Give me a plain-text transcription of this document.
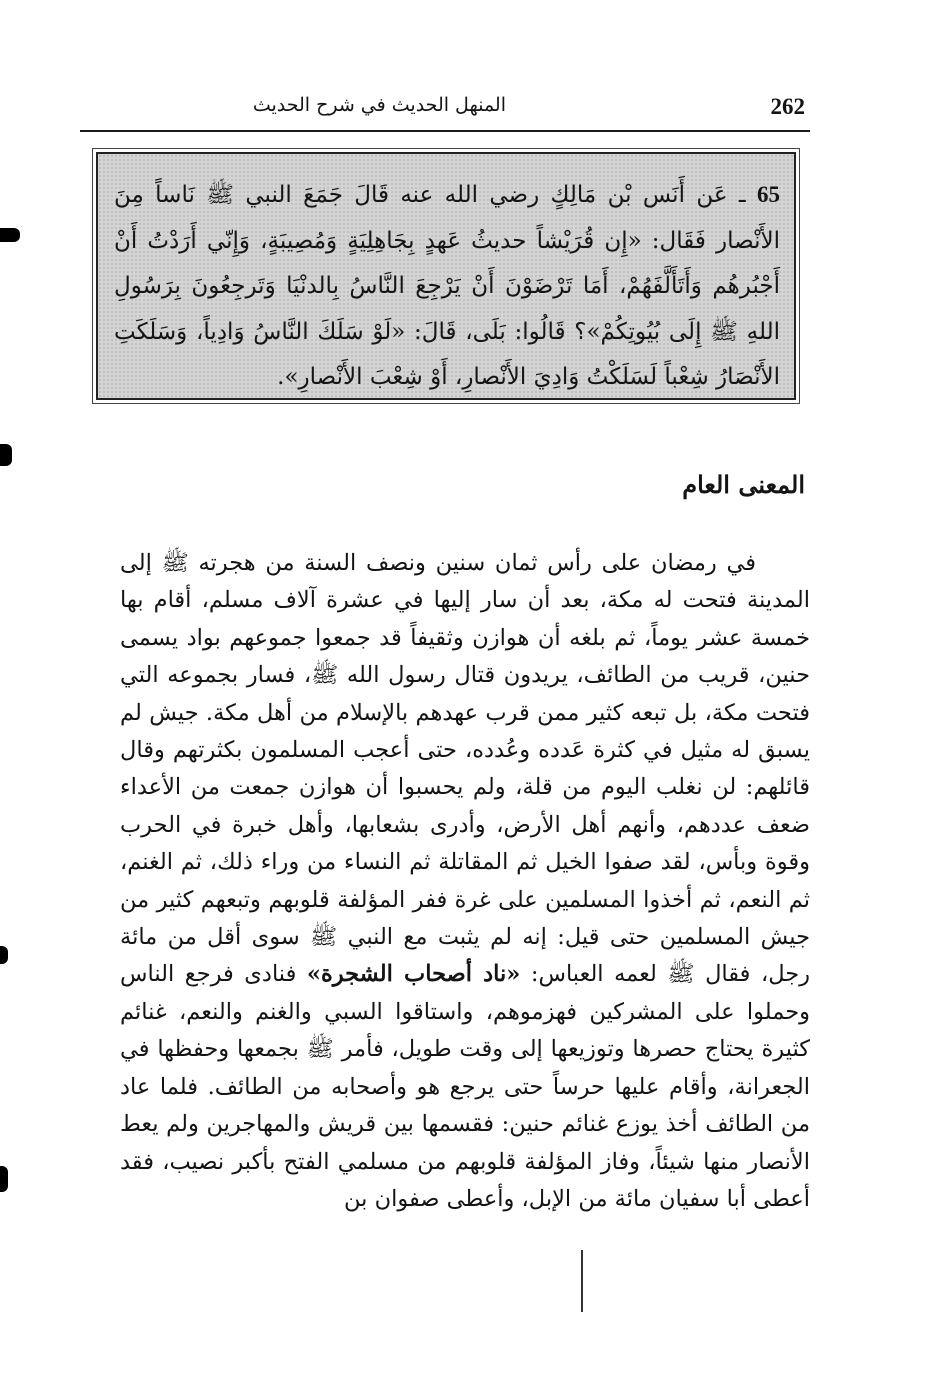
262
المنهل الحديث في شرح الحديث

65 ـ عَن أَنَس بْن مَالِكٍ رضي الله عنه قَالَ جَمَعَ النبي ﷺ نَاساً مِنَ الأَنْصار فَقَال: «إِن قُرَيْشاً حديثُ عَهدٍ بِجَاهِلِيَةٍ وَمُصِيبَةٍ، وَإِنّي أَرَدْتُ أَنْ أَجْبُرهُم وَأَتَأَلَّفَهُمْ، أَمَا تَرْضَوْنَ أَنْ يَرْجِعَ النَّاسُ بِالدنْيَا وَتَرجِعُونَ بِرَسُولِ اللهِ ﷺ إِلَى بُيُوتِكُمْ»؟ قَالُوا: بَلَى، قَالَ: «لَوْ سَلَكَ النَّاسُ وَادِياً، وَسَلَكَتِ الأَنْصَارُ شِعْباً لَسَلَكْتُ وَادِيَ الأَنْصارِ، أَوْ شِعْبَ الأَنْصارِ».

المعنى العام

في رمضان على رأس ثمان سنين ونصف السنة من هجرته ﷺ إلى المدينة فتحت له مكة، بعد أن سار إليها في عشرة آلاف مسلم، أقام بها خمسة عشر يوماً، ثم بلغه أن هوازن وثقيفاً قد جمعوا جموعهم بواد يسمى حنين، قريب من الطائف، يريدون قتال رسول الله ﷺ، فسار بجموعه التي فتحت مكة، بل تبعه كثير ممن قرب عهدهم بالإسلام من أهل مكة. جيش لم يسبق له مثيل في كثرة عَدده وعُدده، حتى أعجب المسلمون بكثرتهم وقال قائلهم: لن نغلب اليوم من قلة، ولم يحسبوا أن هوازن جمعت من الأعداء ضعف عددهم، وأنهم أهل الأرض، وأدرى بشعابها، وأهل خبرة في الحرب وقوة وبأس، لقد صفوا الخيل ثم المقاتلة ثم النساء من وراء ذلك، ثم الغنم، ثم النعم، ثم أخذوا المسلمين على غرة ففر المؤلفة قلوبهم وتبعهم كثير من جيش المسلمين حتى قيل: إنه لم يثبت مع النبي ﷺ سوى أقل من مائة رجل، فقال ﷺ لعمه العباس: «ناد أصحاب الشجرة» فنادى فرجع الناس وحملوا على المشركين فهزموهم، واستاقوا السبي والغنم والنعم، غنائم كثيرة يحتاج حصرها وتوزيعها إلى وقت طويل، فأمر ﷺ بجمعها وحفظها في الجعرانة، وأقام عليها حرساً حتى يرجع هو وأصحابه من الطائف. فلما عاد من الطائف أخذ يوزع غنائم حنين: فقسمها بين قريش والمهاجرين ولم يعط الأنصار منها شيئاً، وفاز المؤلفة قلوبهم من مسلمي الفتح بأكبر نصيب، فقد أعطى أبا سفيان مائة من الإبل، وأعطى صفوان بن
